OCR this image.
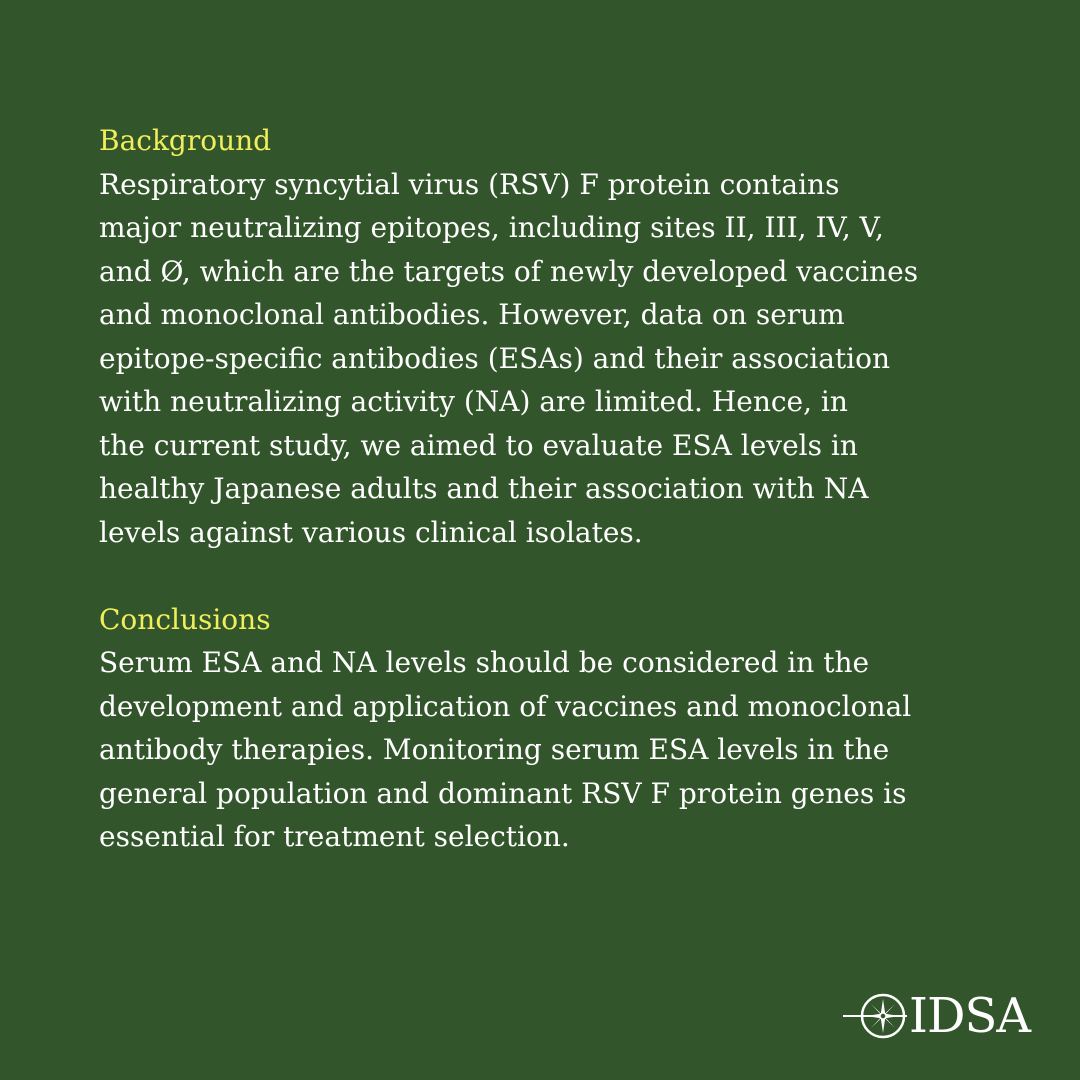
Background

Respiratory syncytial virus (RSV) F protein contains
major neutralizing epitopes, including sites II, III, IV, V,
and Ø, which are the targets of newly developed vaccines
and monoclonal antibodies. However, data on serum
epitope-specific antibodies (ESAs) and their association
with neutralizing activity (NA) are limited. Hence, in
the current study, we aimed to evaluate ESA levels in
healthy Japanese adults and their association with NA
levels against various clinical isolates.

Conclusions

Serum ESA and NA levels should be considered in the
development and application of vaccines and monoclonal
antibody therapies. Monitoring serum ESA levels in the
general population and dominant RSV F protein genes is
essential for treatment selection.

IDSA
